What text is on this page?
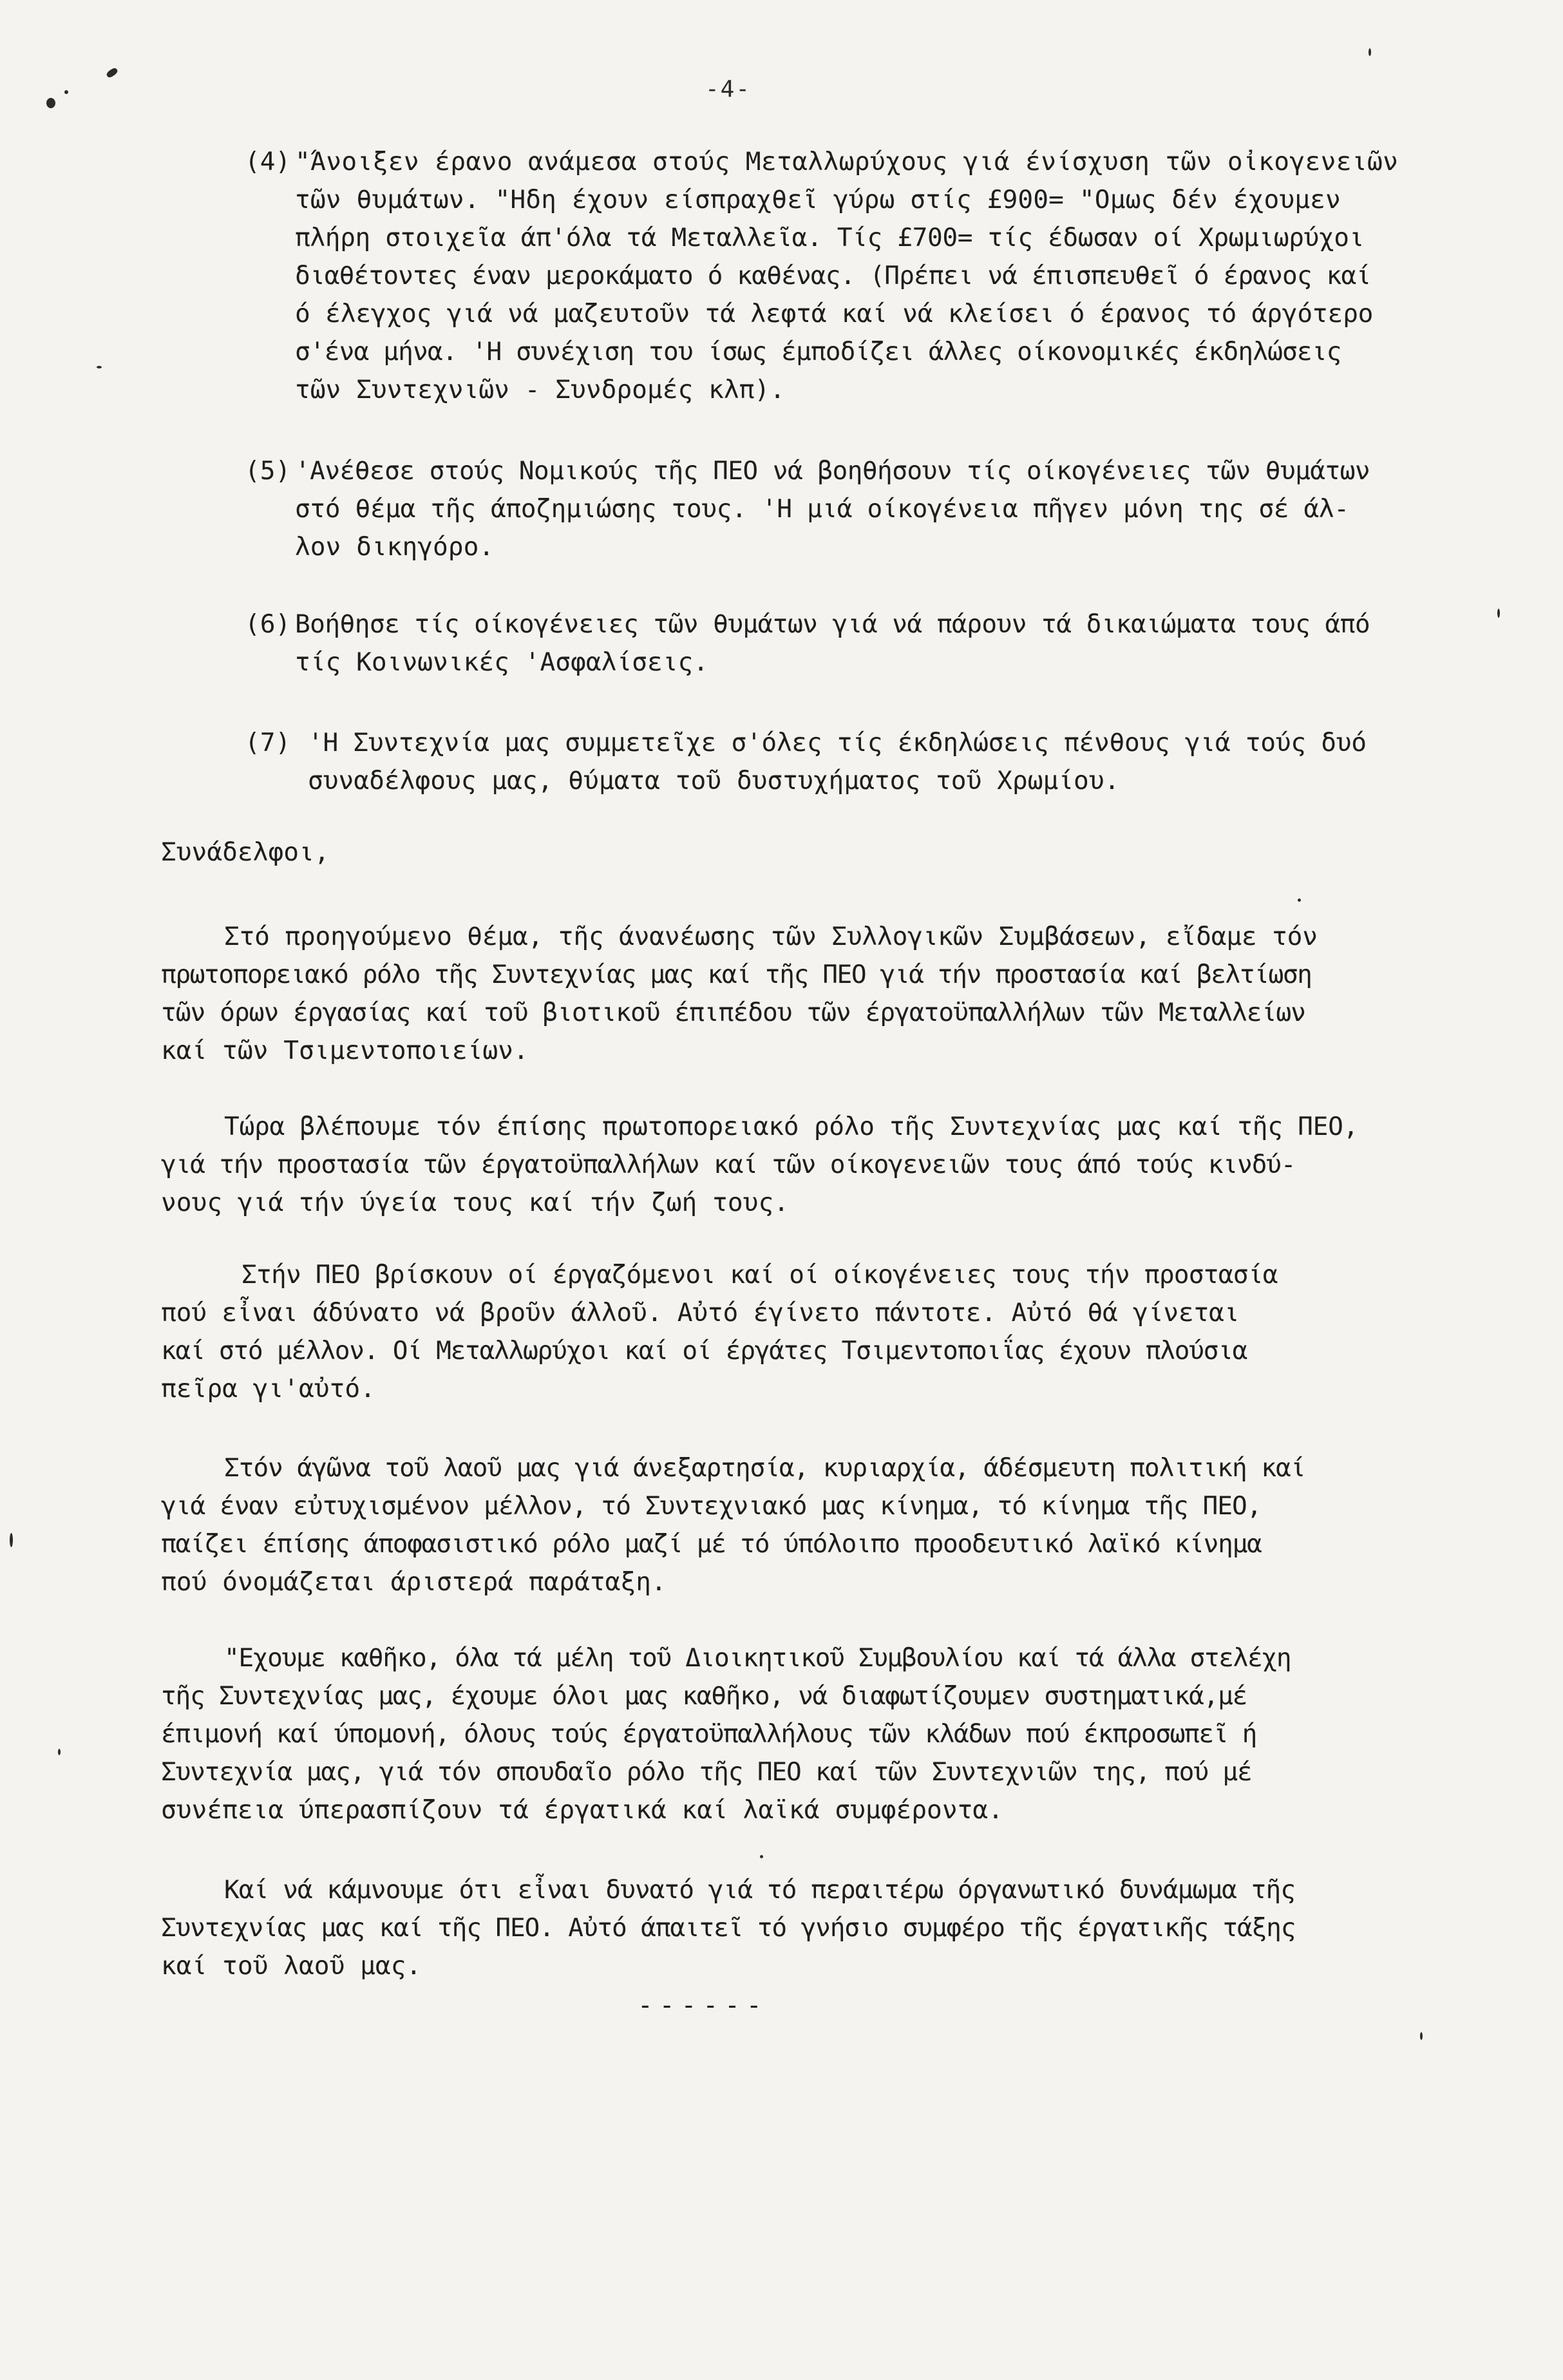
-4-
(4) "Άνοιξεν έρανο ανάμεσα στούς Μεταλλωρύχους γιά ένίσχυση τῶν οἰκογενειῶν
τῶν θυμάτων. "Ηδη έχουν είσπραχθεῖ γύρω στίς £900= "Ομως δέν έχουμεν
πλήρη στοιχεῖα άπ'όλα τά Μεταλλεῖα. Τίς £700= τίς έδωσαν οί Χρωμιωρύχοι
διαθέτοντες έναν μεροκάματο ό καθένας. (Πρέπει νά έπισπευθεῖ ό έρανος καί
ό έλεγχος γιά νά μαζευτοῦν τά λεφτά καί νά κλείσει ό έρανος τό άργότερο
σ'ένα μήνα. 'Η συνέχιση του ίσως έμποδίζει άλλες οίκονομικές έκδηλώσεις
τῶν Συντεχνιῶν - Συνδρομές κλπ).
(5) 'Ανέθεσε στούς Νομικούς τῆς ΠΕΟ νά βοηθήσουν τίς οίκογένειες τῶν θυμάτων
στό θέμα τῆς άποζημιώσης τους. 'Η μιά οίκογένεια πῆγεν μόνη της σέ άλ-
λον δικηγόρο.
(6) Βοήθησε τίς οίκογένειες τῶν θυμάτων γιά νά πάρουν τά δικαιώματα τους άπό
τίς Κοινωνικές 'Ασφαλίσεις.
(7) 'Η Συντεχνία μας συμμετεῖχε σ'όλες τίς έκδηλώσεις πένθους γιά τούς δυό
συναδέλφους μας, θύματα τοῦ δυστυχήματος τοῦ Χρωμίου.
Συνάδελφοι,
Στό προηγούμενο θέμα, τῆς άνανέωσης τῶν Συλλογικῶν Συμβάσεων, εἴδαμε τόν
πρωτοπορειακό ρόλο τῆς Συντεχνίας μας καί τῆς ΠΕΟ γιά τήν προστασία καί βελτίωση
τῶν όρων έργασίας καί τοῦ βιοτικοῦ έπιπέδου τῶν έργατοϋπαλλήλων τῶν Μεταλλείων
καί τῶν Τσιμεντοποιείων.
Τώρα βλέπουμε τόν έπίσης πρωτοπορειακό ρόλο τῆς Συντεχνίας μας καί τῆς ΠΕΟ,
γιά τήν προστασία τῶν έργατοϋπαλλήλων καί τῶν οίκογενειῶν τους άπό τούς κινδύ-
νους γιά τήν ύγεία τους καί τήν ζωή τους.
Στήν ΠΕΟ βρίσκουν οί έργαζόμενοι καί οί οίκογένειες τους τήν προστασία
πού εἶναι άδύνατο νά βροῦν άλλοῦ. Αὐτό έγίνετο πάντοτε. Αὐτό θά γίνεται
καί στό μέλλον. Οί Μεταλλωρύχοι καί οί έργάτες Τσιμεντοποιΐας έχουν πλούσια
πεῖρα γι'αὐτό.
Στόν άγῶνα τοῦ λαοῦ μας γιά άνεξαρτησία, κυριαρχία, άδέσμευτη πολιτική καί
γιά έναν εὐτυχισμένον μέλλον, τό Συντεχνιακό μας κίνημα, τό κίνημα τῆς ΠΕΟ,
παίζει έπίσης άποφασιστικό ρόλο μαζί μέ τό ύπόλοιπο προοδευτικό λαϊκό κίνημα
πού όνομάζεται άριστερά παράταξη.
"Εχουμε καθῆκο, όλα τά μέλη τοῦ Διοικητικοῦ Συμβουλίου καί τά άλλα στελέχη
τῆς Συντεχνίας μας, έχουμε όλοι μας καθῆκο, νά διαφωτίζουμεν συστηματικά,μέ
έπιμονή καί ύπομονή, όλους τούς έργατοϋπαλλήλους τῶν κλάδων πού έκπροσωπεῖ ή
Συντεχνία μας, γιά τόν σπουδαῖο ρόλο τῆς ΠΕΟ καί τῶν Συντεχνιῶν της, πού μέ
συνέπεια ύπερασπίζουν τά έργατικά καί λαϊκά συμφέροντα.
Καί νά κάμνουμε ότι εἶναι δυνατό γιά τό περαιτέρω όργανωτικό δυνάμωμα τῆς
Συντεχνίας μας καί τῆς ΠΕΟ. Αὐτό άπαιτεῖ τό γνήσιο συμφέρο τῆς έργατικῆς τάξης
καί τοῦ λαοῦ μας.
------
